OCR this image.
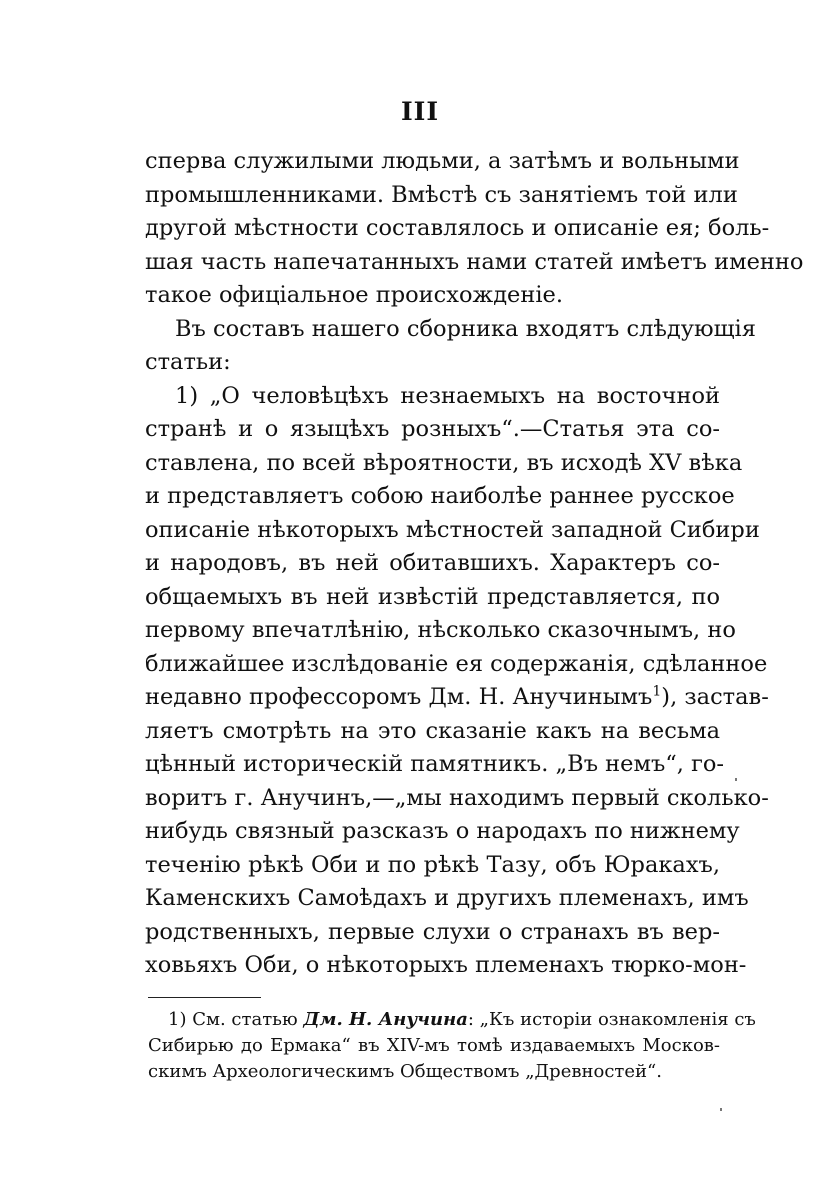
III
сперва служилыми людьми, а затѣмъ и вольными
промышленниками. Вмѣстѣ съ занятіемъ той или
другой мѣстности составлялось и описаніе ея; боль-
шая часть напечатанныхъ нами статей имѣетъ именно
такое офиціальное происхожденіе.
Въ составъ нашего сборника входятъ слѣдующія
статьи:
1) „О человѣцѣхъ незнаемыхъ на восточной
странѣ и о языцѣхъ розныхъ“.—Статья эта со-
ставлена, по всей вѣроятности, въ исходѣ XV вѣка
и представляетъ собою наиболѣе раннее русское
описаніе нѣкоторыхъ мѣстностей западной Сибири
и народовъ, въ ней обитавшихъ. Характеръ со-
общаемыхъ въ ней извѣстій представляется, по
первому впечатлѣнію, нѣсколько сказочнымъ, но
ближайшее изслѣдованіе ея содержанія, сдѣланное
недавно профессоромъ Дм. Н. Анучинымъ$^1$), застав-
ляетъ смотрѣть на это сказаніе какъ на весьма
цѣнный историческій памятникъ. „Въ немъ“, го-
воритъ г. Анучинъ,—„мы находимъ первый сколько-
нибудь связный разсказъ о народахъ по нижнему
теченію рѣкѣ Оби и по рѣкѣ Тазу, объ Юракахъ,
Каменскихъ Самоѣдахъ и другихъ племенахъ, имъ
родственныхъ, первые слухи о странахъ въ вер-
ховьяхъ Оби, о нѣкоторыхъ племенахъ тюрко-мон-
1) См. статью Дм. Н. Анучина: „Къ исторіи ознакомленія съ
Сибирью до Ермака“ въ XIV-мъ томѣ издаваемыхъ Москов-
скимъ Археологическимъ Обществомъ „Древностей“.
